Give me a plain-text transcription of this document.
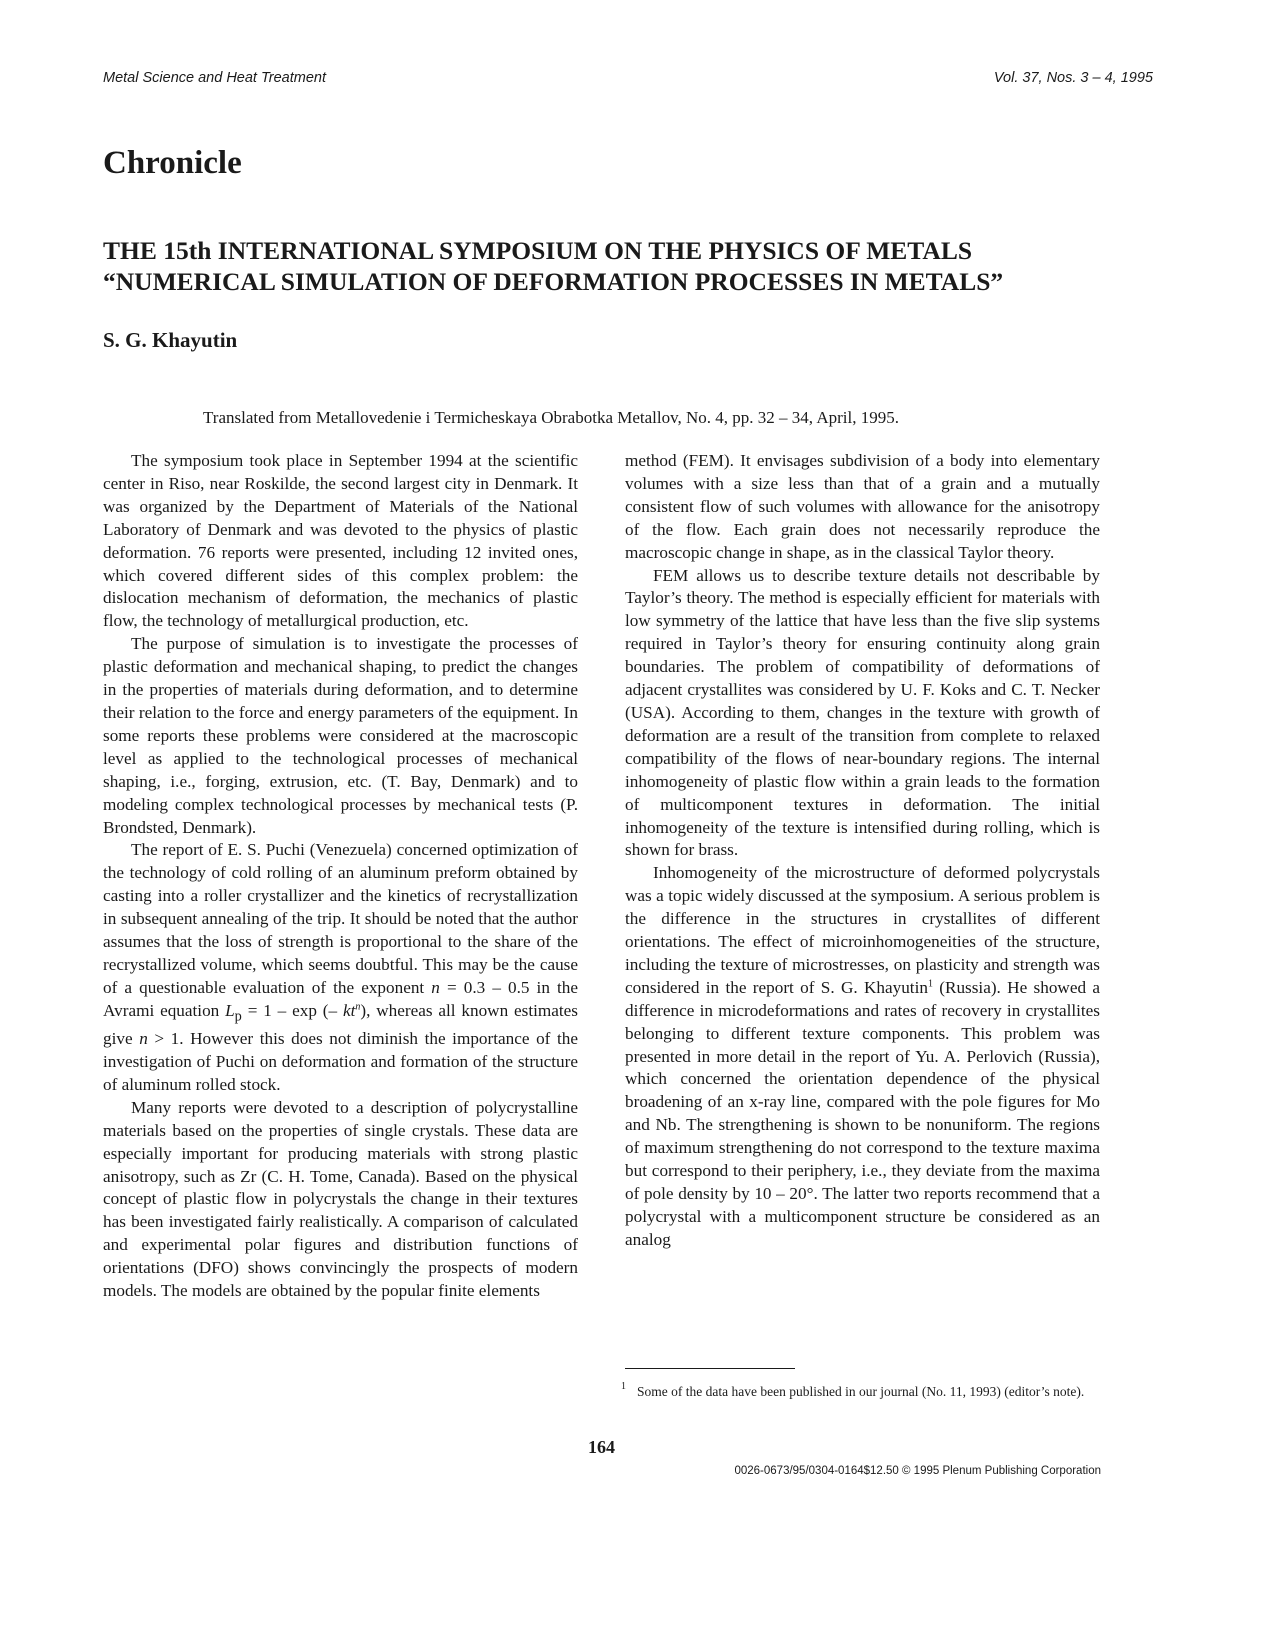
Metal Science and Heat Treatment	Vol. 37, Nos. 3 – 4, 1995
Chronicle
THE 15th INTERNATIONAL SYMPOSIUM ON THE PHYSICS OF METALS
“NUMERICAL SIMULATION OF DEFORMATION PROCESSES IN METALS”
S. G. Khayutin
Translated from Metallovedenie i Termicheskaya Obrabotka Metallov, No. 4, pp. 32 – 34, April, 1995.

The symposium took place in September 1994 at the scientific center in Riso, near Roskilde, the second largest city in Denmark. It was organized by the Department of Materials of the National Laboratory of Denmark and was devoted to the physics of plastic deformation. 76 reports were presented, including 12 invited ones, which covered different sides of this complex problem: the dislocation mechanism of deformation, the mechanics of plastic flow, the technology of metallurgical production, etc.

The purpose of simulation is to investigate the processes of plastic deformation and mechanical shaping, to predict the changes in the properties of materials during deformation, and to determine their relation to the force and energy parameters of the equipment. In some reports these problems were considered at the macroscopic level as applied to the technological processes of mechanical shaping, i.e., forging, extrusion, etc. (T. Bay, Denmark) and to modeling complex technological processes by mechanical tests (P. Brondsted, Denmark).

The report of E. S. Puchi (Venezuela) concerned optimization of the technology of cold rolling of an aluminum preform obtained by casting into a roller crystallizer and the kinetics of recrystallization in subsequent annealing of the trip. It should be noted that the author assumes that the loss of strength is proportional to the share of the recrystallized volume, which seems doubtful. This may be the cause of a questionable evaluation of the exponent n = 0.3 – 0.5 in the Avrami equation $L_p = 1 - \exp$ (– $kt^n$), whereas all known estimates give n > 1. However this does not diminish the importance of the investigation of Puchi on deformation and formation of the structure of aluminum rolled stock.

Many reports were devoted to a description of polycrystalline materials based on the properties of single crystals. These data are especially important for producing materials with strong plastic anisotropy, such as Zr (C. H. Tome, Canada). Based on the physical concept of plastic flow in polycrystals the change in their textures has been investigated fairly realistically. A comparison of calculated and experimental polar figures and distribution functions of orientations (DFO) shows convincingly the prospects of modern models. The models are obtained by the popular finite elements

method (FEM). It envisages subdivision of a body into elementary volumes with a size less than that of a grain and a mutually consistent flow of such volumes with allowance for the anisotropy of the flow. Each grain does not necessarily reproduce the macroscopic change in shape, as in the classical Taylor theory.

FEM allows us to describe texture details not describable by Taylor’s theory. The method is especially efficient for materials with low symmetry of the lattice that have less than the five slip systems required in Taylor’s theory for ensuring continuity along grain boundaries. The problem of compatibility of deformations of adjacent crystallites was considered by U. F. Koks and C. T. Necker (USA). According to them, changes in the texture with growth of deformation are a result of the transition from complete to relaxed compatibility of the flows of near-boundary regions. The internal inhomogeneity of plastic flow within a grain leads to the formation of multicomponent textures in deformation. The initial inhomogeneity of the texture is intensified during rolling, which is shown for brass.

Inhomogeneity of the microstructure of deformed polycrystals was a topic widely discussed at the symposium. A serious problem is the difference in the structures in crystallites of different orientations. The effect of microinhomogeneities of the structure, including the texture of microstresses, on plasticity and strength was considered in the report of S. G. Khayutin$^1$ (Russia). He showed a difference in microdeformations and rates of recovery in crystallites belonging to different texture components. This problem was presented in more detail in the report of Yu. A. Perlovich (Russia), which concerned the orientation dependence of the physical broadening of an x-ray line, compared with the pole figures for Mo and Nb. The strengthening is shown to be nonuniform. The regions of maximum strengthening do not correspond to the texture maxima but correspond to their periphery, i.e., they deviate from the maxima of pole density by 10 – 20°. The latter two reports recommend that a polycrystal with a multicomponent structure be considered as an analog

1 Some of the data have been published in our journal (No. 11, 1993) (editor’s note).
164
0026-0673/95/0304-0164$12.50 © 1995 Plenum Publishing Corporation
